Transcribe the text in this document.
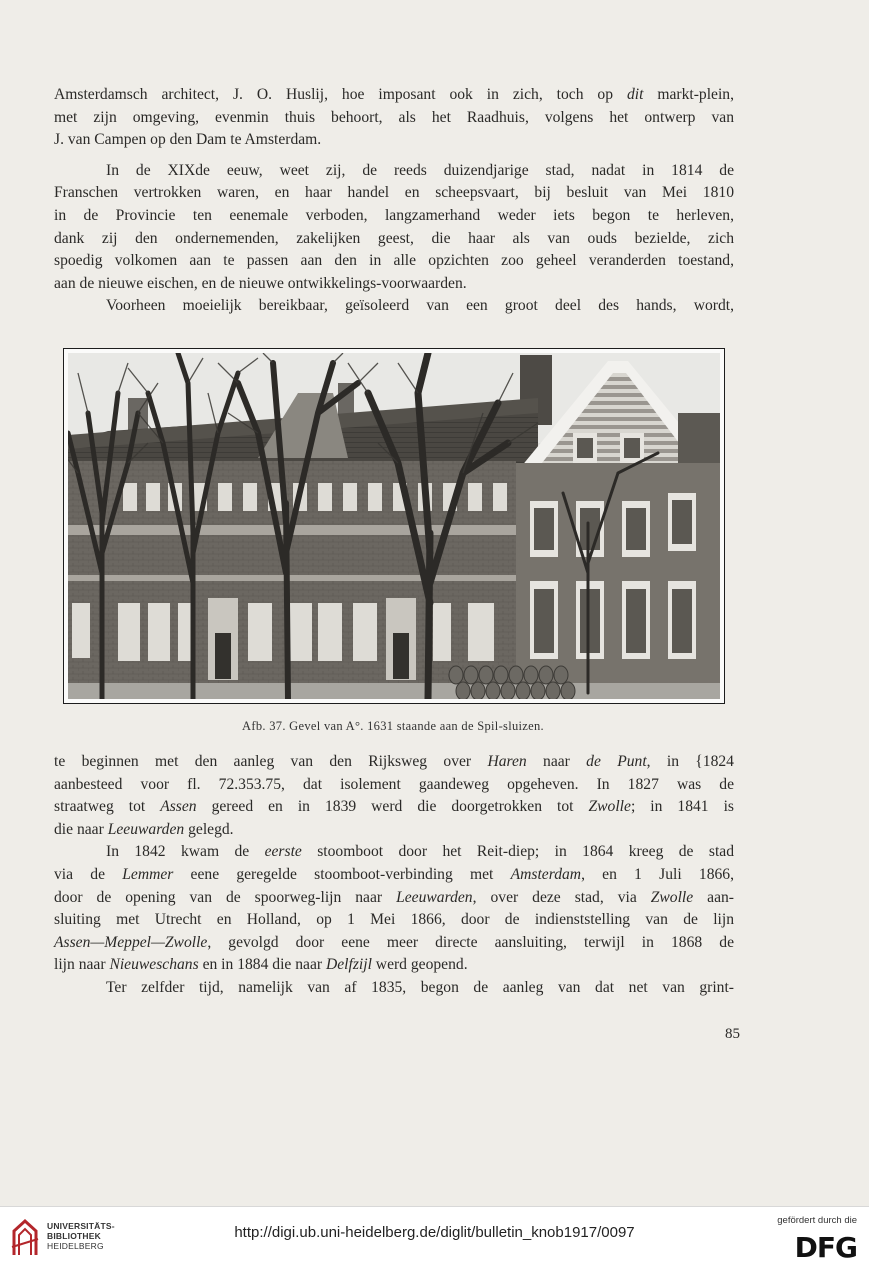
Amsterdamsch architect, J. O. Huslij, hoe imposant ook in zich, toch op dit markt-plein,

met zijn omgeving, evenmin thuis behoort, als het Raadhuis, volgens het ontwerp van

J. van Campen op den Dam te Amsterdam.

In de XIXde eeuw, weet zij, de reeds duizendjarige stad, nadat in 1814 de

Franschen vertrokken waren, en haar handel en scheepsvaart, bij besluit van Mei 1810

in de Provincie ten eenemale verboden, langzamerhand weder iets begon te herleven,

dank zij den ondernemenden, zakelijken geest, die haar als van ouds bezielde, zich

spoedig volkomen aan te passen aan den in alle opzichten zoo geheel veranderden toestand,

aan de nieuwe eischen, en de nieuwe ontwikkelings-voorwaarden.

Voorheen moeielijk bereikbaar, geïsoleerd van een groot deel des hands, wordt,

Afb. 37. Gevel van A°. 1631 staande aan de Spil-sluizen.

te beginnen met den aanleg van den Rijksweg over Haren naar de Punt, in {1824

aanbesteed voor fl. 72.353.75, dat isolement gaandeweg opgeheven. In 1827 was de

straatweg tot Assen gereed en in 1839 werd die doorgetrokken tot Zwolle; in 1841 is

die naar Leeuwarden gelegd.

In 1842 kwam de eerste stoomboot door het Reit-diep; in 1864 kreeg de stad

via de Lemmer eene geregelde stoomboot-verbinding met Amsterdam, en 1 Juli 1866,

door de opening van de spoorweg-lijn naar Leeuwarden, over deze stad, via Zwolle aan-

sluiting met Utrecht en Holland, op 1 Mei 1866, door de indienststelling van de lijn

Assen—Meppel—Zwolle, gevolgd door eene meer directe aansluiting, terwijl in 1868 de

lijn naar Nieuweschans en in 1884 die naar Delfzijl werd geopend.

Ter zelfder tijd, namelijk van af 1835, begon de aanleg van dat net van grint-

85
UNIVERSITÄTS-
BIBLIOTHEK
HEIDELBERG
http://digi.ub.uni-heidelberg.de/diglit/bulletin_knob1917/0097
gefördert durch die
DFG
